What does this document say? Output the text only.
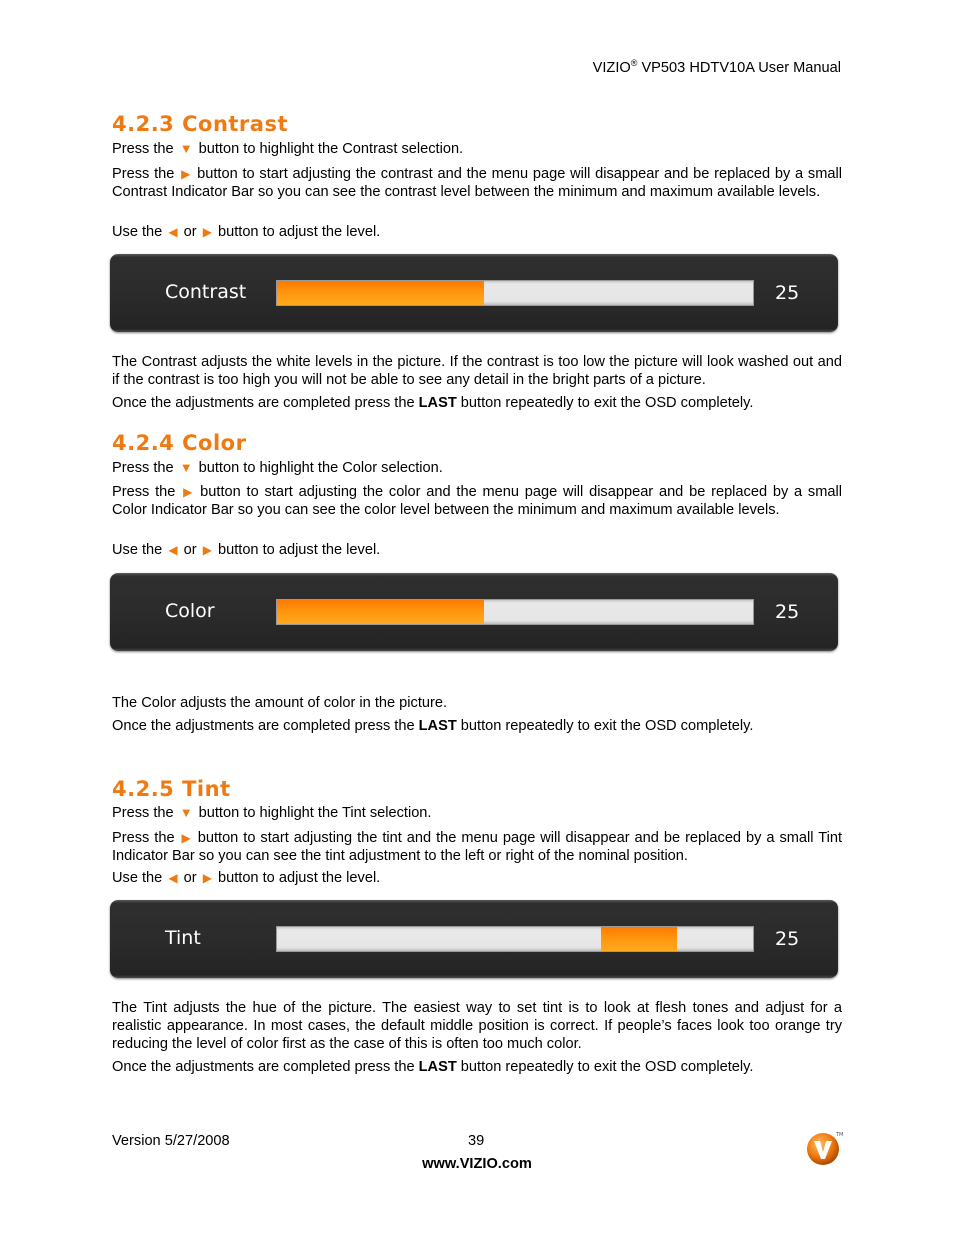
VIZIO® VP503 HDTV10A User Manual
4.2.3 Contrast
Press the ▼ button to highlight the Contrast selection.
Press the ▶ button to start adjusting the contrast and the menu page will disappear and be replaced by a small Contrast Indicator Bar so you can see the contrast level between the minimum and maximum available levels.
Use the ◀ or ▶ button to adjust the level.
Contrast	25
The Contrast adjusts the white levels in the picture. If the contrast is too low the picture will look washed out and if the contrast is too high you will not be able to see any detail in the bright parts of a picture.
Once the adjustments are completed press the LAST button repeatedly to exit the OSD completely.
4.2.4 Color
Press the ▼ button to highlight the Color selection.
Press the ▶ button to start adjusting the color and the menu page will disappear and be replaced by a small Color Indicator Bar so you can see the color level between the minimum and maximum available levels.
Use the ◀ or ▶ button to adjust the level.
Color	25
The Color adjusts the amount of color in the picture.
Once the adjustments are completed press the LAST button repeatedly to exit the OSD completely.
4.2.5 Tint
Press the ▼ button to highlight the Tint selection.
Press the ▶ button to start adjusting the tint and the menu page will disappear and be replaced by a small Tint Indicator Bar so you can see the tint adjustment to the left or right of the nominal position.
Use the ◀ or ▶ button to adjust the level.
Tint	25
The Tint adjusts the hue of the picture. The easiest way to set tint is to look at flesh tones and adjust for a realistic appearance. In most cases, the default middle position is correct. If people’s faces look too orange try reducing the level of color first as the case of this is often too much color.
Once the adjustments are completed press the LAST button repeatedly to exit the OSD completely.
Version 5/27/2008	39
www.VIZIO.com
TM
